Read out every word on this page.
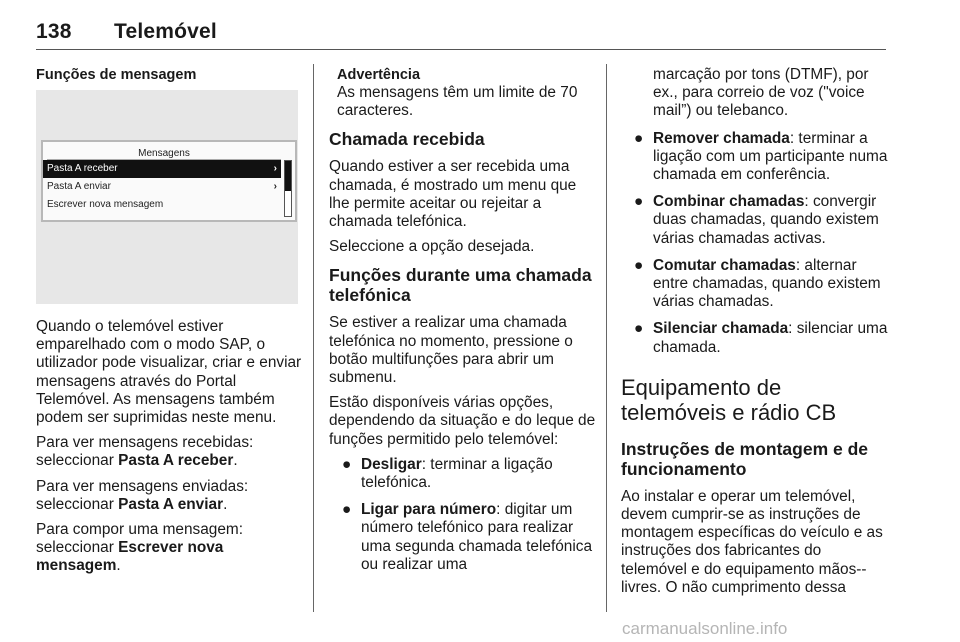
138 Telemóvel
Funções de mensagem
Mensagens
Pasta A receber	›
Pasta A enviar	›
Escrever nova mensagem

Quando o telemóvel estiver emparelhado com o modo SAP, o utilizador pode visualizar, criar e enviar mensagens através do Portal Telemóvel. As mensagens também podem ser suprimidas neste menu.

Para ver mensagens recebidas: seleccionar Pasta A receber.

Para ver mensagens enviadas: seleccionar Pasta A enviar.

Para compor uma mensagem: seleccionar Escrever nova mensagem.

Advertência

As mensagens têm um limite de 70 caracteres.

Chamada recebida

Quando estiver a ser recebida uma chamada, é mostrado um menu que lhe permite aceitar ou rejeitar a chamada telefónica.

Seleccione a opção desejada.

Funções durante uma chamada telefónica

Se estiver a realizar uma chamada telefónica no momento, pressione o botão multifunções para abrir um submenu.

Estão disponíveis várias opções, dependendo da situação e do leque de funções permitido pelo telemóvel:

● Desligar: terminar a ligação telefónica.
● Ligar para número: digitar um número telefónico para realizar uma segunda chamada telefónica ou realizar uma

marcação por tons (DTMF), por ex., para correio de voz ("voice mail”) ou telebanco.

● Remover chamada: terminar a ligação com um participante numa chamada em conferência.
● Combinar chamadas: convergir duas chamadas, quando existem várias chamadas activas.
● Comutar chamadas: alternar entre chamadas, quando existem várias chamadas.
● Silenciar chamada: silenciar uma chamada.
Equipamento de telemóveis e rádio CB
Instruções de montagem e de funcionamento

Ao instalar e operar um telemóvel, devem cumprir-se as instruções de montagem específicas do veículo e as instruções dos fabricantes do telemóvel e do equipamento mãos--livres. O não cumprimento dessa

carmanualsonline.info
